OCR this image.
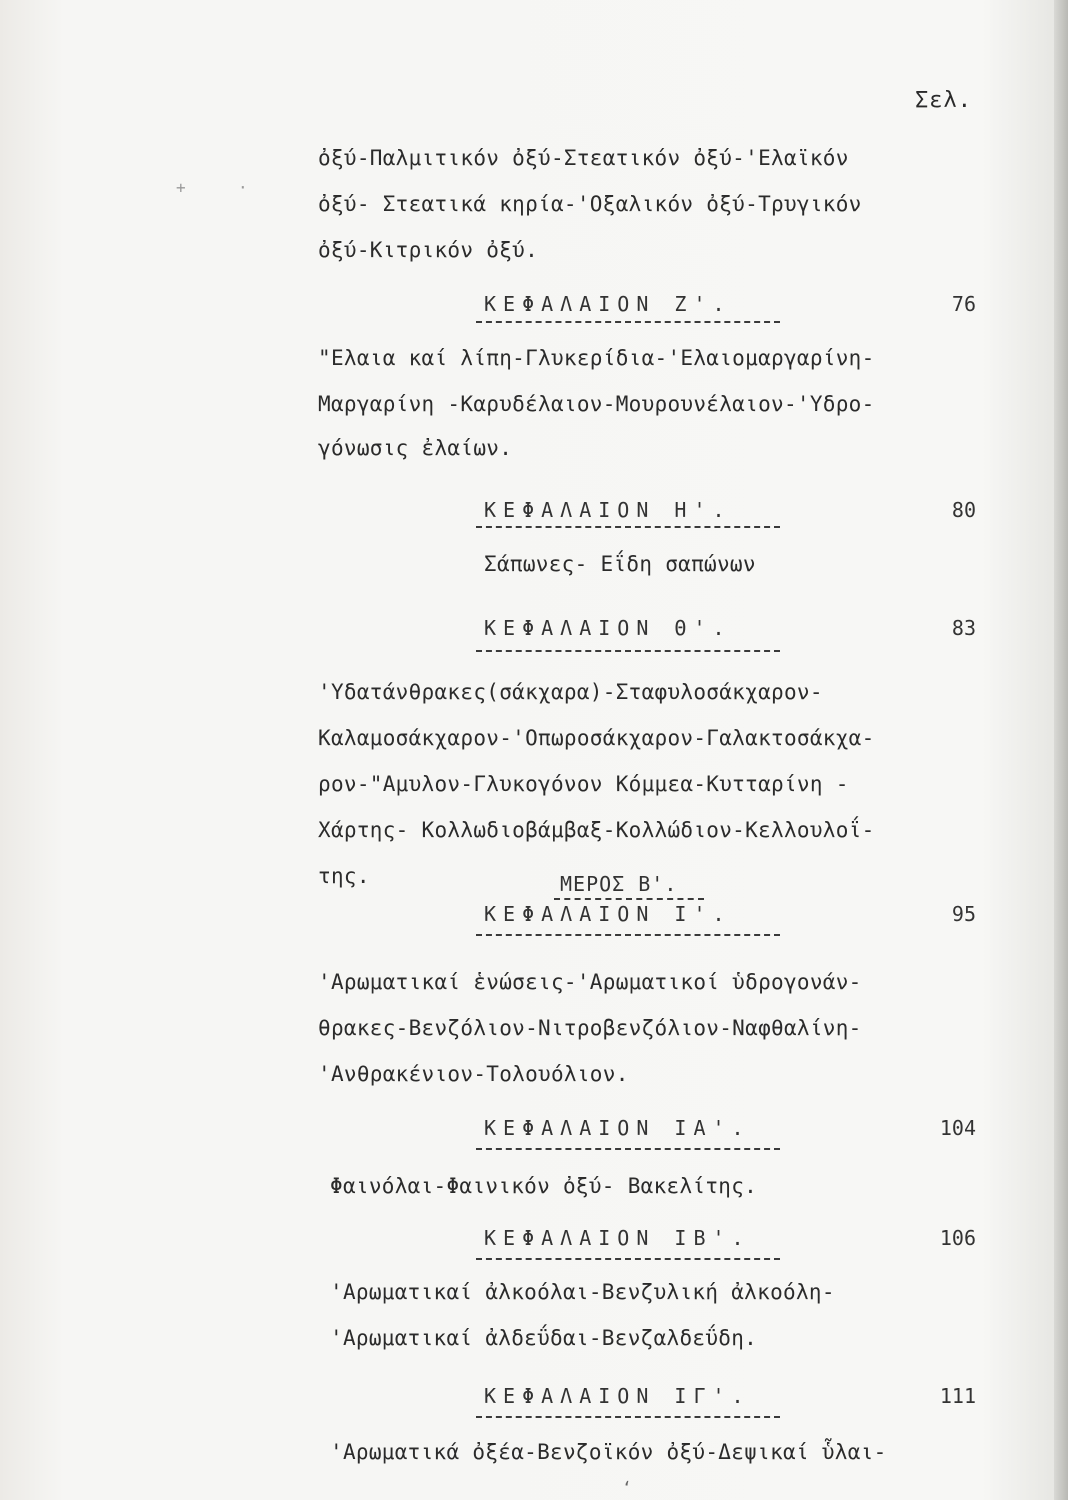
+	·
Σελ.
ὀξύ-Παλμιτικόν ὀξύ-Στεατικόν ὀξύ-'Ελαϊκόν
ὀξύ- Στεατικά κηρία-'Οξαλικόν ὀξύ-Τρυγικόν
ὀξύ-Κιτρικόν ὀξύ.
ΚΕΦΑΛΑΙΟΝ Ζ'.	76
"Ελαια καί λίπη-Γλυκερίδια-'Ελαιομαργαρίνη-
Μαργαρίνη -Καρυδέλαιον-Μουρουνέλαιον-'Υδρο-
γόνωσις ἐλαίων.
ΚΕΦΑΛΑΙΟΝ Η'.	80
Σάπωνες- Εΐδη σαπώνων
ΚΕΦΑΛΑΙΟΝ Θ'.	83
'Υδατάνθρακες(σάκχαρα)-Σταφυλοσάκχαρον-
Καλαμοσάκχαρον-'Οπωροσάκχαρον-Γαλακτοσάκχα-
ρον-"Αμυλον-Γλυκογόνον Κόμμεα-Κυτταρίνη -
Χάρτης- Κολλωδιοβάμβαξ-Κολλώδιον-Κελλουλοΐ-
της.	ΜΕΡΟΣ Β'.
ΚΕΦΑΛΑΙΟΝ Ι'.	95
'Αρωματικαί ἑνώσεις-'Αρωματικοί ὑδρογονάν-
θρακες-Βενζόλιον-Νιτροβενζόλιον-Ναφθαλίνη-
'Ανθρακένιον-Τολουόλιον.
ΚΕΦΑΛΑΙΟΝ ΙΑ'.	104
Φαινόλαι-Φαινικόν ὀξύ- Βακελίτης.
ΚΕΦΑΛΑΙΟΝ ΙΒ'.	106
'Αρωματικαί ἀλκοόλαι-Βενζυλική ἀλκοόλη-
'Αρωματικαί ἀλδεΰδαι-Βενζαλδεΰδη.
ΚΕΦΑΛΑΙΟΝ ΙΓ'.	111
'Αρωματικά ὀξέα-Βενζοϊκόν ὀξύ-Δεψικαί ὗλαι-
ʻ
